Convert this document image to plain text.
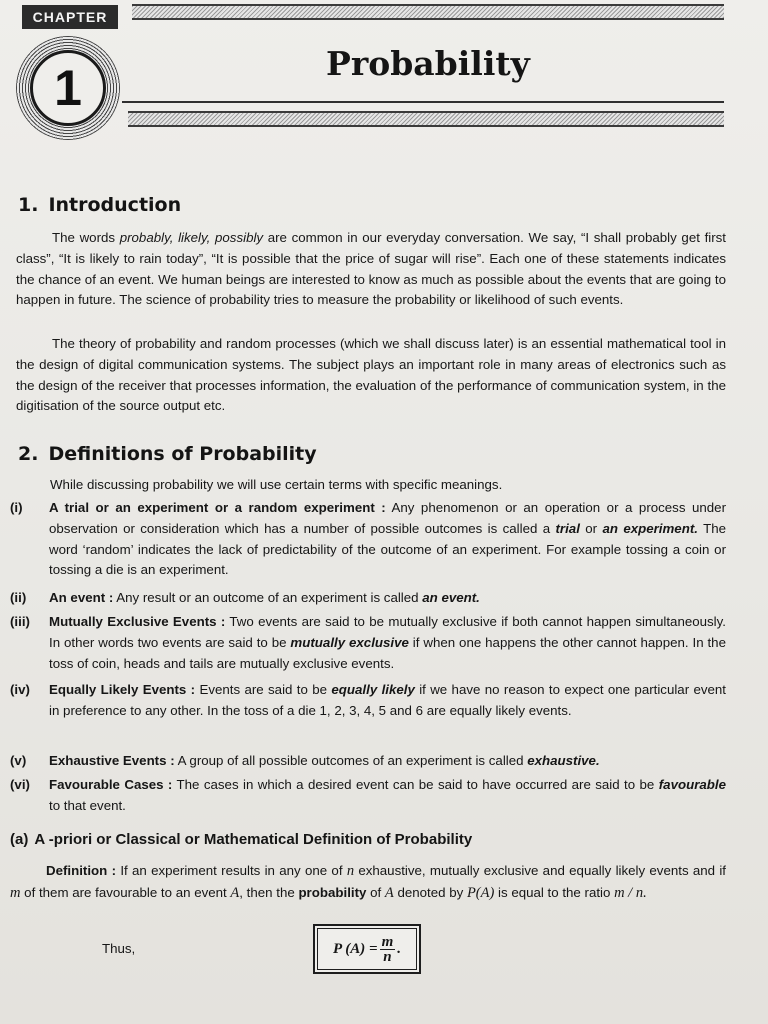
CHAPTER
1	Probability
1. Introduction

The words probably, likely, possibly are common in our everyday conversation. We say, “I shall probably get first class”, “It is likely to rain today”, “It is possible that the price of sugar will rise”. Each one of these statements indicates the chance of an event. We human beings are interested to know as much as possible about the events that are going to happen in future. The science of probability tries to measure the probability or likelihood of such events.

The theory of probability and random processes (which we shall discuss later) is an essential mathematical tool in the design of digital communication systems. The subject plays an important role in many areas of electronics such as the design of the receiver that processes information, the evaluation of the performance of communication system, in the digitisation of the source output etc.

2. Definitions of Probability

While discussing probability we will use certain terms with specific meanings.

(i) A trial or an experiment or a random experiment : Any phenomenon or an operation or a process under observation or consideration which has a number of possible outcomes is called a trial or an experiment. The word ‘random’ indicates the lack of predictability of the outcome of an experiment. For example tossing a coin or tossing a die is an experiment.

(ii) An event : Any result or an outcome of an experiment is called an event.

(iii) Mutually Exclusive Events : Two events are said to be mutually exclusive if both cannot happen simultaneously. In other words two events are said to be mutually exclusive if when one happens the other cannot happen. In the toss of coin, heads and tails are mutually exclusive events.

(iv) Equally Likely Events : Events are said to be equally likely if we have no reason to expect one particular event in preference to any other. In the toss of a die 1, 2, 3, 4, 5 and 6 are equally likely events.

(v) Exhaustive Events : A group of all possible outcomes of an experiment is called exhaustive.

(vi) Favourable Cases : The cases in which a desired event can be said to have occurred are said to be favourable to that event.

(a) A -priori or Classical or Mathematical Definition of Probability

Definition : If an experiment results in any one of n exhaustive, mutually exclusive and equally likely events and if m of them are favourable to an event A, then the probability of A denoted by P(A) is equal to the ratio m / n.

Thus,	P $(A) = \frac{m}{n}$ .
